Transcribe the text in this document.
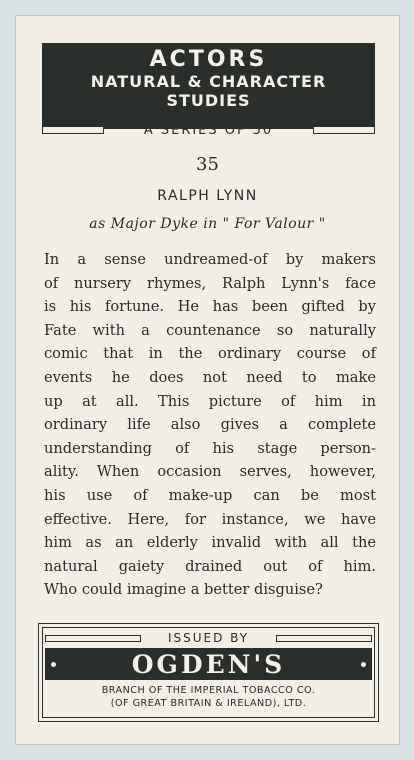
ACTORS
NATURAL & CHARACTER
STUDIES
A SERIES OF 50
35
RALPH LYNN
as Major Dyke in " For Valour "
In a sense undreamed-of by makers
of nursery rhymes, Ralph Lynn's face
is his fortune. He has been gifted by
Fate with a countenance so naturally
comic that in the ordinary course of
events he does not need to make
up at all. This picture of him in
ordinary life also gives a complete
understanding of his stage person-
ality. When occasion serves, however,
his use of make-up can be most
effective. Here, for instance, we have
him as an elderly invalid with all the
natural gaiety drained out of him.
Who could imagine a better disguise?
ISSUED BY
OGDEN'S
BRANCH OF THE IMPERIAL TOBACCO CO.
(OF GREAT BRITAIN & IRELAND), LTD.
